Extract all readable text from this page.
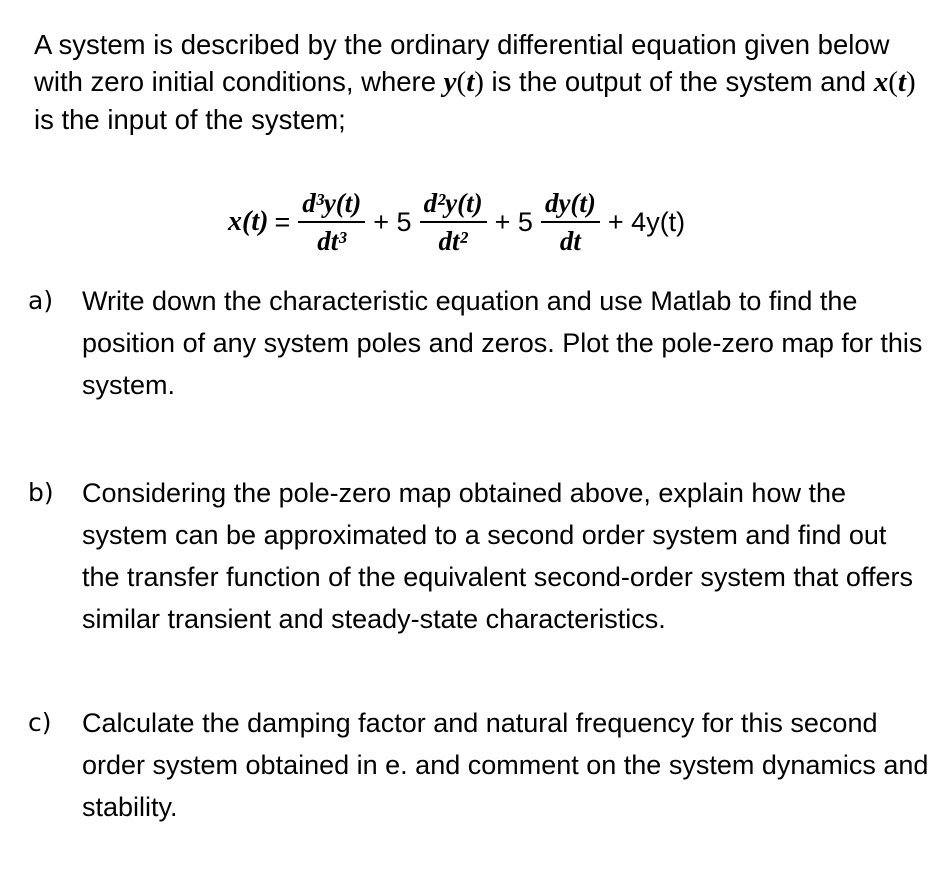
A system is described by the ordinary differential equation given below with zero initial conditions, where y(t) is the output of the system and x(t) is the input of the system;
$x(t) = \frac{\text{d³y(t)}}{\text{dt³}} + 5 \frac{\text{d²y(t)}}{\text{dt²}} + 5 \frac{dy(t)}{dt} + 4y(t)$
a) Write down the characteristic equation and use Matlab to find the position of any system poles and zeros. Plot the pole-zero map for this system.
b) Considering the pole-zero map obtained above, explain how the system can be approximated to a second order system and find out the transfer function of the equivalent second-order system that offers similar transient and steady-state characteristics.
c) Calculate the damping factor and natural frequency for this second order system obtained in e. and comment on the system dynamics and stability.
